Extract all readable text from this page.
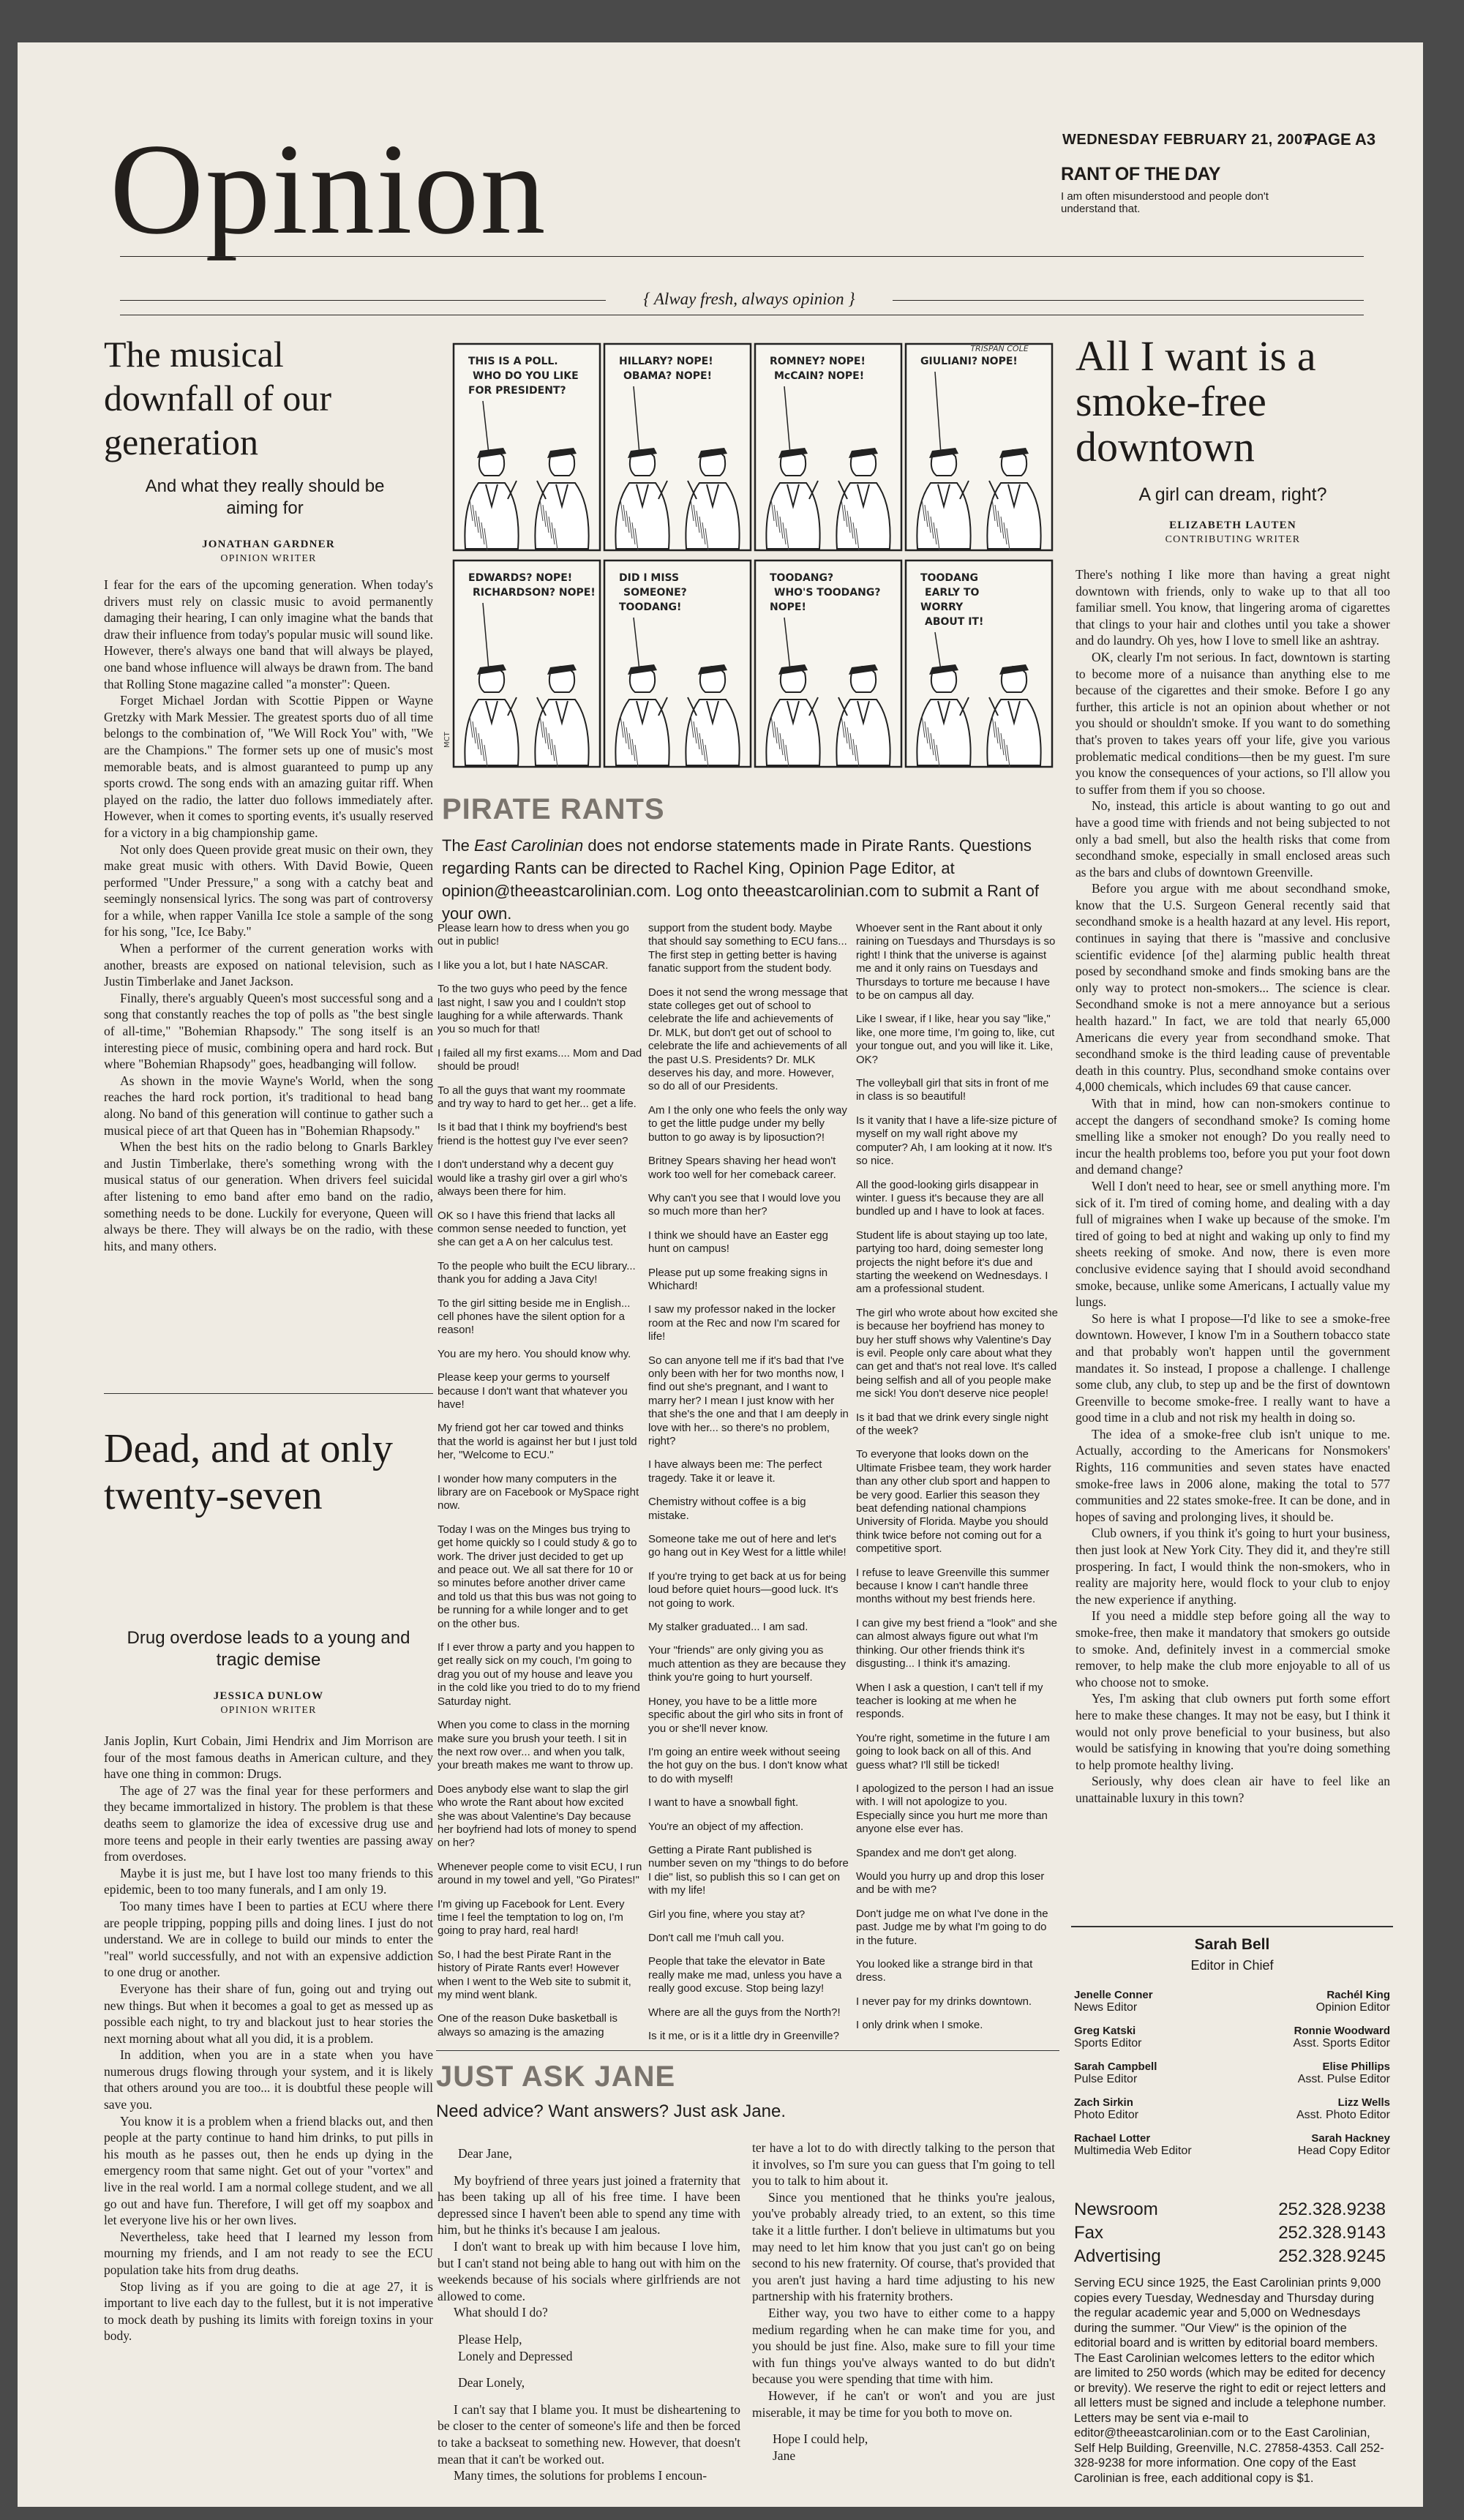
Opinion	WEDNESDAY FEBRUARY 21, 2007
PAGE A3
RANT OF THE DAY
I am often misunderstood and people don't understand that.
{ Alway fresh, always opinion }
The musical downfall of our generation
And what they really should be aiming for
JONATHAN GARDNER
OPINION WRITER

I fear for the ears of the upcoming generation. When today's drivers must rely on classic music to avoid permanently damaging their hearing, I can only imagine what the bands that draw their influence from today's popular music will sound like. However, there's always one band that will always be played, one band whose influence will always be drawn from. The band that Rolling Stone magazine called "a monster": Queen.

Forget Michael Jordan with Scottie Pippen or Wayne Gretzky with Mark Messier. The greatest sports duo of all time belongs to the combination of, "We Will Rock You" with, "We are the Champions." The former sets up one of music's most memorable beats, and is almost guaranteed to pump up any sports crowd. The song ends with an amazing guitar riff. When played on the radio, the latter duo follows immediately after. However, when it comes to sporting events, it's usually reserved for a victory in a big championship game.

Not only does Queen provide great music on their own, they make great music with others. With David Bowie, Queen performed "Under Pressure," a song with a catchy beat and seemingly nonsensical lyrics. The song was part of controversy for a while, when rapper Vanilla Ice stole a sample of the song for his song, "Ice, Ice Baby."

When a performer of the current generation works with another, breasts are exposed on national television, such as Justin Timberlake and Janet Jackson.

Finally, there's arguably Queen's most successful song and a song that constantly reaches the top of polls as "the best single of all-time," "Bohemian Rhapsody." The song itself is an interesting piece of music, combining opera and hard rock. But where "Bohemian Rhapsody" goes, headbanging will follow.

As shown in the movie Wayne's World, when the song reaches the hard rock portion, it's traditional to head bang along. No band of this generation will continue to gather such a musical piece of art that Queen has in "Bohemian Rhapsody."

When the best hits on the radio belong to Gnarls Barkley and Justin Timberlake, there's something wrong with the musical status of our generation. When drivers feel suicidal after listening to emo band after emo band on the radio, something needs to be done. Luckily for everyone, Queen will always be there. They will always be on the radio, with these hits, and many others.

Dead, and at only twenty-seven
Drug overdose leads to a young and tragic demise
JESSICA DUNLOW
OPINION WRITER

Janis Joplin, Kurt Cobain, Jimi Hendrix and Jim Morrison are four of the most famous deaths in American culture, and they have one thing in common: Drugs.

The age of 27 was the final year for these performers and they became immortalized in history. The problem is that these deaths seem to glamorize the idea of excessive drug use and more teens and people in their early twenties are passing away from overdoses.

Maybe it is just me, but I have lost too many friends to this epidemic, been to too many funerals, and I am only 19.

Too many times have I been to parties at ECU where there are people tripping, popping pills and doing lines. I just do not understand. We are in college to build our minds to enter the "real" world successfully, and not with an expensive addiction to one drug or another.

Everyone has their share of fun, going out and trying out new things. But when it becomes a goal to get as messed up as possible each night, to try and blackout just to hear stories the next morning about what all you did, it is a problem.

In addition, when you are in a state when you have numerous drugs flowing through your system, and it is likely that others around you are too... it is doubtful these people will save you.

You know it is a problem when a friend blacks out, and then people at the party continue to hand him drinks, to put pills in his mouth as he passes out, then he ends up dying in the emergency room that same night. Get out of your "vortex" and live in the real world. I am a normal college student, and we all go out and have fun. Therefore, I will get off my soapbox and let everyone live his or her own lives.

Nevertheless, take heed that I learned my lesson from mourning my friends, and I am not ready to see the ECU population take hits from drug deaths.

Stop living as if you are going to die at age 27, it is important to live each day to the fullest, but it is not imperative to mock death by pushing its limits with foreign toxins in your body.

THIS IS A POLL.
WHO DO YOU LIKE
FOR PRESIDENT?
HILLARY? NOPE!
OBAMA? NOPE!
ROMNEY? NOPE!
McCAIN? NOPE!
GIULIANI? NOPE!
EDWARDS? NOPE!
RICHARDSON? NOPE!
DID I MISS
SOMEONE?
TOODANG!
TOODANG?
WHO'S TOODANG?
NOPE!
TOODANG
EARLY TO
WORRY
ABOUT IT!
TRISPAN COLE
MCT
PIRATE RANTS
The East Carolinian does not endorse statements made in Pirate Rants. Questions regarding Rants can be directed to Rachel King, Opinion Page Editor, at opinion@theeastcarolinian.com. Log onto theeastcarolinian.com to submit a Rant of your own.

Please learn how to dress when you go out in public!

I like you a lot, but I hate NASCAR.

To the two guys who peed by the fence last night, I saw you and I couldn't stop laughing for a while afterwards. Thank you so much for that!

I failed all my first exams.... Mom and Dad should be proud!

To all the guys that want my roommate and try way to hard to get her... get a life.

Is it bad that I think my boyfriend's best friend is the hottest guy I've ever seen?

I don't understand why a decent guy would like a trashy girl over a girl who's always been there for him.

OK so I have this friend that lacks all common sense needed to function, yet she can get a A on her calculus test.

To the people who built the ECU library... thank you for adding a Java City!

To the girl sitting beside me in English... cell phones have the silent option for a reason!

You are my hero. You should know why.

Please keep your germs to yourself because I don't want that whatever you have!

My friend got her car towed and thinks that the world is against her but I just told her, "Welcome to ECU."

I wonder how many computers in the library are on Facebook or MySpace right now.

Today I was on the Minges bus trying to get home quickly so I could study & go to work. The driver just decided to get up and peace out. We all sat there for 10 or so minutes before another driver came and told us that this bus was not going to be running for a while longer and to get on the other bus.

If I ever throw a party and you happen to get really sick on my couch, I'm going to drag you out of my house and leave you in the cold like you tried to do to my friend Saturday night.

When you come to class in the morning make sure you brush your teeth. I sit in the next row over... and when you talk, your breath makes me want to throw up.

Does anybody else want to slap the girl who wrote the Rant about how excited she was about Valentine's Day because her boyfriend had lots of money to spend on her?

Whenever people come to visit ECU, I run around in my towel and yell, "Go Pirates!"

I'm giving up Facebook for Lent. Every time I feel the temptation to log on, I'm going to pray hard, real hard!

So, I had the best Pirate Rant in the history of Pirate Rants ever! However when I went to the Web site to submit it, my mind went blank.

One of the reason Duke basketball is always so amazing is the amazing

support from the student body. Maybe that should say something to ECU fans... The first step in getting better is having fanatic support from the student body.

Does it not send the wrong message that state colleges get out of school to celebrate the life and achievements of Dr. MLK, but don't get out of school to celebrate the life and achievements of all the past U.S. Presidents? Dr. MLK deserves his day, and more. However, so do all of our Presidents.

Am I the only one who feels the only way to get the little pudge under my belly button to go away is by liposuction?!

Britney Spears shaving her head won't work too well for her comeback career.

Why can't you see that I would love you so much more than her?

I think we should have an Easter egg hunt on campus!

Please put up some freaking signs in Whichard!

I saw my professor naked in the locker room at the Rec and now I'm scared for life!

So can anyone tell me if it's bad that I've only been with her for two months now, I find out she's pregnant, and I want to marry her? I mean I just know with her that she's the one and that I am deeply in love with her... so there's no problem, right?

I have always been me: The perfect tragedy. Take it or leave it.

Chemistry without coffee is a big mistake.

Someone take me out of here and let's go hang out in Key West for a little while!

If you're trying to get back at us for being loud before quiet hours—good luck. It's not going to work.

My stalker graduated... I am sad.

Your "friends" are only giving you as much attention as they are because they think you're going to hurt yourself.

Honey, you have to be a little more specific about the girl who sits in front of you or she'll never know.

I'm going an entire week without seeing the hot guy on the bus. I don't know what to do with myself!

I want to have a snowball fight.

You're an object of my affection.

Getting a Pirate Rant published is number seven on my "things to do before I die" list, so publish this so I can get on with my life!

Girl you fine, where you stay at?

Don't call me I'muh call you.

People that take the elevator in Bate really make me mad, unless you have a really good excuse. Stop being lazy!

Where are all the guys from the North?!

Is it me, or is it a little dry in Greenville?

Whoever sent in the Rant about it only raining on Tuesdays and Thursdays is so right! I think that the universe is against me and it only rains on Tuesdays and Thursdays to torture me because I have to be on campus all day.

Like I swear, if I like, hear you say "like," like, one more time, I'm going to, like, cut your tongue out, and you will like it. Like, OK?

The volleyball girl that sits in front of me in class is so beautiful!

Is it vanity that I have a life-size picture of myself on my wall right above my computer? Ah, I am looking at it now. It's so nice.

All the good-looking girls disappear in winter. I guess it's because they are all bundled up and I have to look at faces.

Student life is about staying up too late, partying too hard, doing semester long projects the night before it's due and starting the weekend on Wednesdays. I am a professional student.

The girl who wrote about how excited she is because her boyfriend has money to buy her stuff shows why Valentine's Day is evil. People only care about what they can get and that's not real love. It's called being selfish and all of you people make me sick! You don't deserve nice people!

Is it bad that we drink every single night of the week?

To everyone that looks down on the Ultimate Frisbee team, they work harder than any other club sport and happen to be very good. Earlier this season they beat defending national champions University of Florida. Maybe you should think twice before not coming out for a competitive sport.

I refuse to leave Greenville this summer because I know I can't handle three months without my best friends here.

I can give my best friend a "look" and she can almost always figure out what I'm thinking. Our other friends think it's disgusting... I think it's amazing.

When I ask a question, I can't tell if my teacher is looking at me when he responds.

You're right, sometime in the future I am going to look back on all of this. And guess what? I'll still be ticked!

I apologized to the person I had an issue with. I will not apologize to you. Especially since you hurt me more than anyone else ever has.

Spandex and me don't get along.

Would you hurry up and drop this loser and be with me?

Don't judge me on what I've done in the past. Judge me by what I'm going to do in the future.

You looked like a strange bird in that dress.

I never pay for my drinks downtown.

I only drink when I smoke.

JUST ASK JANE
Need advice? Want answers? Just ask Jane.

Dear Jane,

My boyfriend of three years just joined a fraternity that has been taking up all of his free time. I have been depressed since I haven't been able to spend any time with him, but he thinks it's because I am jealous.

I don't want to break up with him because I love him, but I can't stand not being able to hang out with him on the weekends because of his socials where girlfriends are not allowed to come.

What should I do?

Please Help,

Lonely and Depressed

Dear Lonely,

I can't say that I blame you. It must be disheartening to be closer to the center of someone's life and then be forced to take a backseat to something new. However, that doesn't mean that it can't be worked out.

Many times, the solutions for problems I encoun-

ter have a lot to do with directly talking to the person that it involves, so I'm sure you can guess that I'm going to tell you to talk to him about it.

Since you mentioned that he thinks you're jealous, you've probably already tried, to an extent, so this time take it a little further. I don't believe in ultimatums but you may need to let him know that you just can't go on being second to his new fraternity. Of course, that's provided that you aren't just having a hard time adjusting to his new partnership with his fraternity brothers.

Either way, you two have to either come to a happy medium regarding when he can make time for you, and you should be just fine. Also, make sure to fill your time with fun things you've always wanted to do but didn't because you were spending that time with him.

However, if he can't or won't and you are just miserable, it may be time for you both to move on.

Hope I could help,

Jane

All I want is a smoke-free downtown
A girl can dream, right?
ELIZABETH LAUTEN
CONTRIBUTING WRITER

There's nothing I like more than having a great night downtown with friends, only to wake up to that all too familiar smell. You know, that lingering aroma of cigarettes that clings to your hair and clothes until you take a shower and do laundry. Oh yes, how I love to smell like an ashtray.

OK, clearly I'm not serious. In fact, downtown is starting to become more of a nuisance than anything else to me because of the cigarettes and their smoke. Before I go any further, this article is not an opinion about whether or not you should or shouldn't smoke. If you want to do something that's proven to takes years off your life, give you various problematic medical conditions—then be my guest. I'm sure you know the consequences of your actions, so I'll allow you to suffer from them if you so choose.

No, instead, this article is about wanting to go out and have a good time with friends and not being subjected to not only a bad smell, but also the health risks that come from secondhand smoke, especially in small enclosed areas such as the bars and clubs of downtown Greenville.

Before you argue with me about secondhand smoke, know that the U.S. Surgeon General recently said that secondhand smoke is a health hazard at any level. His report, continues in saying that there is "massive and conclusive scientific evidence [of the] alarming public health threat posed by secondhand smoke and finds smoking bans are the only way to protect non-smokers... The science is clear. Secondhand smoke is not a mere annoyance but a serious health hazard." In fact, we are told that nearly 65,000 Americans die every year from secondhand smoke. That secondhand smoke is the third leading cause of preventable death in this country. Plus, secondhand smoke contains over 4,000 chemicals, which includes 69 that cause cancer.

With that in mind, how can non-smokers continue to accept the dangers of secondhand smoke? Is coming home smelling like a smoker not enough? Do you really need to incur the health problems too, before you put your foot down and demand change?

Well I don't need to hear, see or smell anything more. I'm sick of it. I'm tired of coming home, and dealing with a day full of migraines when I wake up because of the smoke. I'm tired of going to bed at night and waking up only to find my sheets reeking of smoke. And now, there is even more conclusive evidence saying that I should avoid secondhand smoke, because, unlike some Americans, I actually value my lungs.

So here is what I propose—I'd like to see a smoke-free downtown. However, I know I'm in a Southern tobacco state and that probably won't happen until the government mandates it. So instead, I propose a challenge. I challenge some club, any club, to step up and be the first of downtown Greenville to become smoke-free. I really want to have a good time in a club and not risk my health in doing so.

The idea of a smoke-free club isn't unique to me. Actually, according to the Americans for Nonsmokers' Rights, 116 communities and seven states have enacted smoke-free laws in 2006 alone, making the total to 577 communities and 22 states smoke-free. It can be done, and in hopes of saving and prolonging lives, it should be.

Club owners, if you think it's going to hurt your business, then just look at New York City. They did it, and they're still prospering. In fact, I would think the non-smokers, who in reality are majority here, would flock to your club to enjoy the new experience if anything.

If you need a middle step before going all the way to smoke-free, then make it mandatory that smokers go outside to smoke. And, definitely invest in a commercial smoke remover, to help make the club more enjoyable to all of us who choose not to smoke.

Yes, I'm asking that club owners put forth some effort here to make these changes. It may not be easy, but I think it would not only prove beneficial to your business, but also would be satisfying in knowing that you're doing something to help promote healthy living.

Seriously, why does clean air have to feel like an unattainable luxury in this town?

Sarah Bell
Editor in Chief
Jenelle Conner	Rachél King
News Editor	Opinion Editor
Greg Katski	Ronnie Woodward
Sports Editor	Asst. Sports Editor
Sarah Campbell	Elise Phillips
Pulse Editor	Asst. Pulse Editor
Zach Sirkin	Lizz Wells
Photo Editor	Asst. Photo Editor
Rachael Lotter	Sarah Hackney
Multimedia Web Editor	Head Copy Editor
Newsroom	252.328.9238
Fax	252.328.9143
Advertising	252.328.9245
Serving ECU since 1925, the East Carolinian prints 9,000 copies every Tuesday, Wednesday and Thursday during the regular academic year and 5,000 on Wednesdays during the summer. "Our View" is the opinion of the editorial board and is written by editorial board members. The East Carolinian welcomes letters to the editor which are limited to 250 words (which may be edited for decency or brevity). We reserve the right to edit or reject letters and all letters must be signed and include a telephone number. Letters may be sent via e-mail to editor@theeastcarolinian.com or to the East Carolinian, Self Help Building, Greenville, N.C. 27858-4353. Call 252-328-9238 for more information. One copy of the East Carolinian is free, each additional copy is $1.
